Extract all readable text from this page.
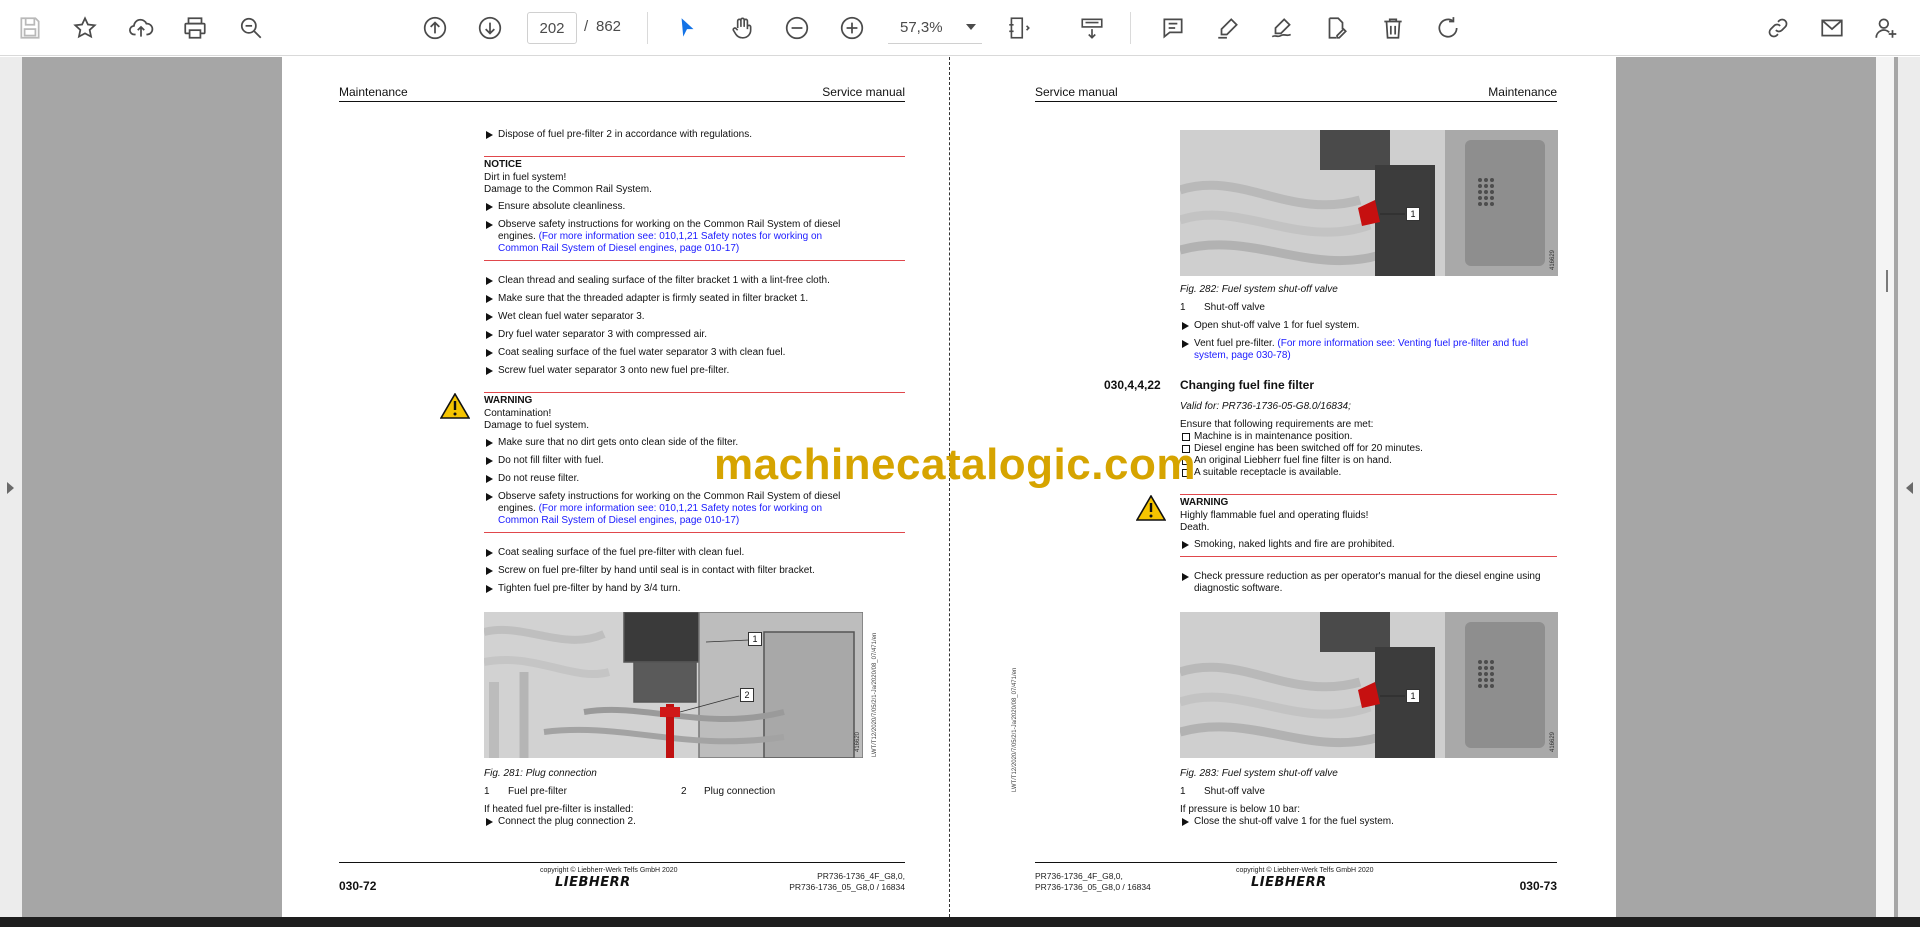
202	/ 862	57,3%
Maintenance	Service manual
Dispose of fuel pre-filter 2 in accordance with regulations.
NOTICE
Dirt in fuel system!
Damage to the Common Rail System.
Ensure absolute cleanliness.
Observe safety instructions for working on the Common Rail System of diesel
engines. (For more information see: 010,1,21 Safety notes for working on
Common Rail System of Diesel engines, page 010-17)
Clean thread and sealing surface of the filter bracket 1 with a lint-free cloth.
Make sure that the threaded adapter is firmly seated in filter bracket 1.
Wet clean fuel water separator 3.
Dry fuel water separator 3 with compressed air.
Coat sealing surface of the fuel water separator 3 with clean fuel.
Screw fuel water separator 3 onto new fuel pre-filter.
WARNING
Contamination!
Damage to fuel system.
Make sure that no dirt gets onto clean side of the filter.
Do not fill filter with fuel.
Do not reuse filter.
Observe safety instructions for working on the Common Rail System of diesel
engines. (For more information see: 010,1,21 Safety notes for working on
Common Rail System of Diesel engines, page 010-17)
Coat sealing surface of the fuel pre-filter with clean fuel.
Screw on fuel pre-filter by hand until seal is in contact with filter bracket.
Tighten fuel pre-filter by hand by 3/4 turn.
1
2
416620 LWT/T12/2020/7/05/2/1-Ja/2020/08_07/471/en
Fig. 281: Plug connection
1 Fuel pre-filter	2 Plug connection
If heated fuel pre-filter is installed:
Connect the plug connection 2.
030-72
copyright © Liebherr-Werk Telfs GmbH 2020
LIEBHERR	PR736-1736_4F_G8,0,
PR736-1736_05_G8,0 / 16834
Service manual	Maintenance
1
416629
Fig. 282: Fuel system shut-off valve
1 Shut-off valve
Open shut-off valve 1 for fuel system.
Vent fuel pre-filter. (For more information see: Venting fuel pre-filter and fuel
system, page 030-78)
030,4,4,22 Changing fuel fine filter
Valid for: PR736-1736-05-G8.0/16834;
Ensure that following requirements are met:
Machine is in maintenance position.
Diesel engine has been switched off for 20 minutes.
An original Liebherr fuel fine filter is on hand.
A suitable receptacle is available.
WARNING
Highly flammable fuel and operating fluids!
Death.
Smoking, naked lights and fire are prohibited.
Check pressure reduction as per operator's manual for the diesel engine using
diagnostic software.
1
416629
LWT/T12/2020/7/05/2/1-Ja/2020/08_07/471/en	Fig. 283: Fuel system shut-off valve
1 Shut-off valve
If pressure is below 10 bar:
Close the shut-off valve 1 for the fuel system.
PR736-1736_4F_G8,0,
PR736-1736_05_G8,0 / 16834
copyright © Liebherr-Werk Telfs GmbH 2020
LIEBHERR	030-73
machinecatalogic.com
